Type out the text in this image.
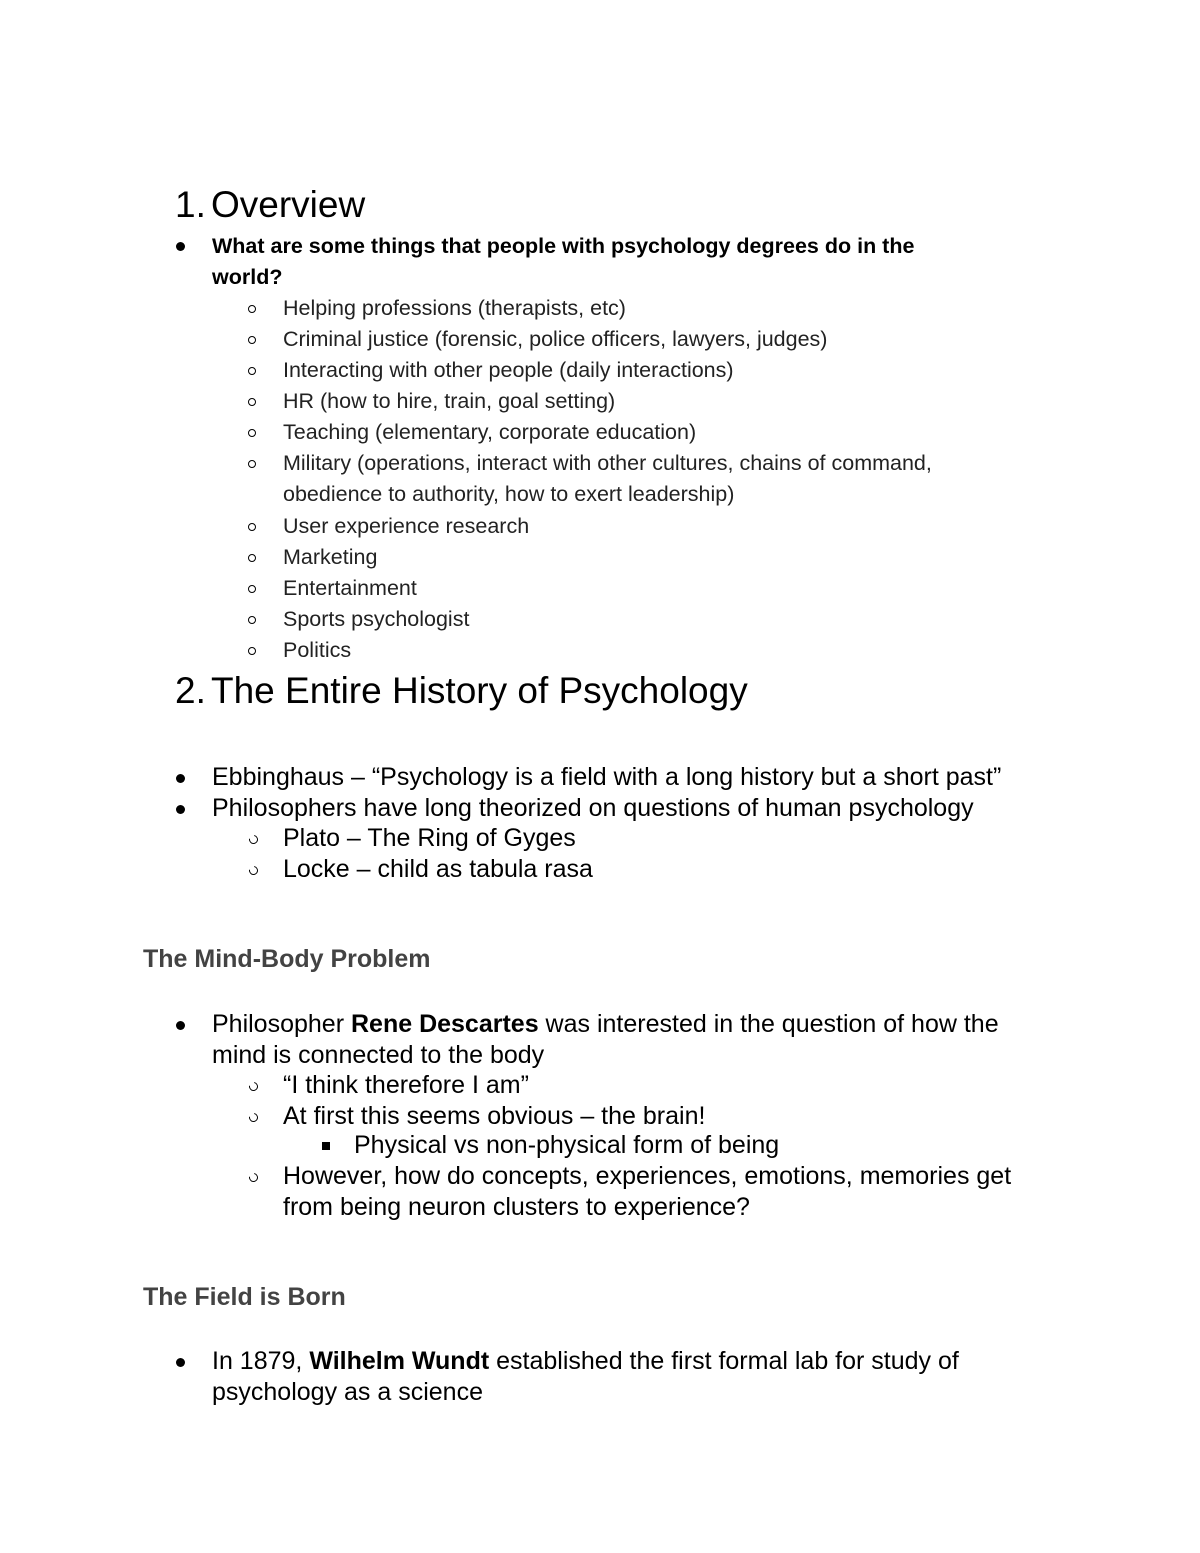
1. Overview
What are some things that people with psychology degrees do in the
world?
Helping professions (therapists, etc)
Criminal justice (forensic, police officers, lawyers, judges)
Interacting with other people (daily interactions)
HR (how to hire, train, goal setting)
Teaching (elementary, corporate education)
Military (operations, interact with other cultures, chains of command,
obedience to authority, how to exert leadership)
User experience research
Marketing
Entertainment
Sports psychologist
Politics
2. The Entire History of Psychology
Ebbinghaus – “Psychology is a field with a long history but a short past”
Philosophers have long theorized on questions of human psychology
Plato – The Ring of Gyges
Locke – child as tabula rasa
The Mind-Body Problem
Philosopher Rene Descartes was interested in the question of how the
mind is connected to the body
“I think therefore I am”
At first this seems obvious – the brain!
Physical vs non-physical form of being
However, how do concepts, experiences, emotions, memories get
from being neuron clusters to experience?
The Field is Born
In 1879, Wilhelm Wundt established the first formal lab for study of
psychology as a science
